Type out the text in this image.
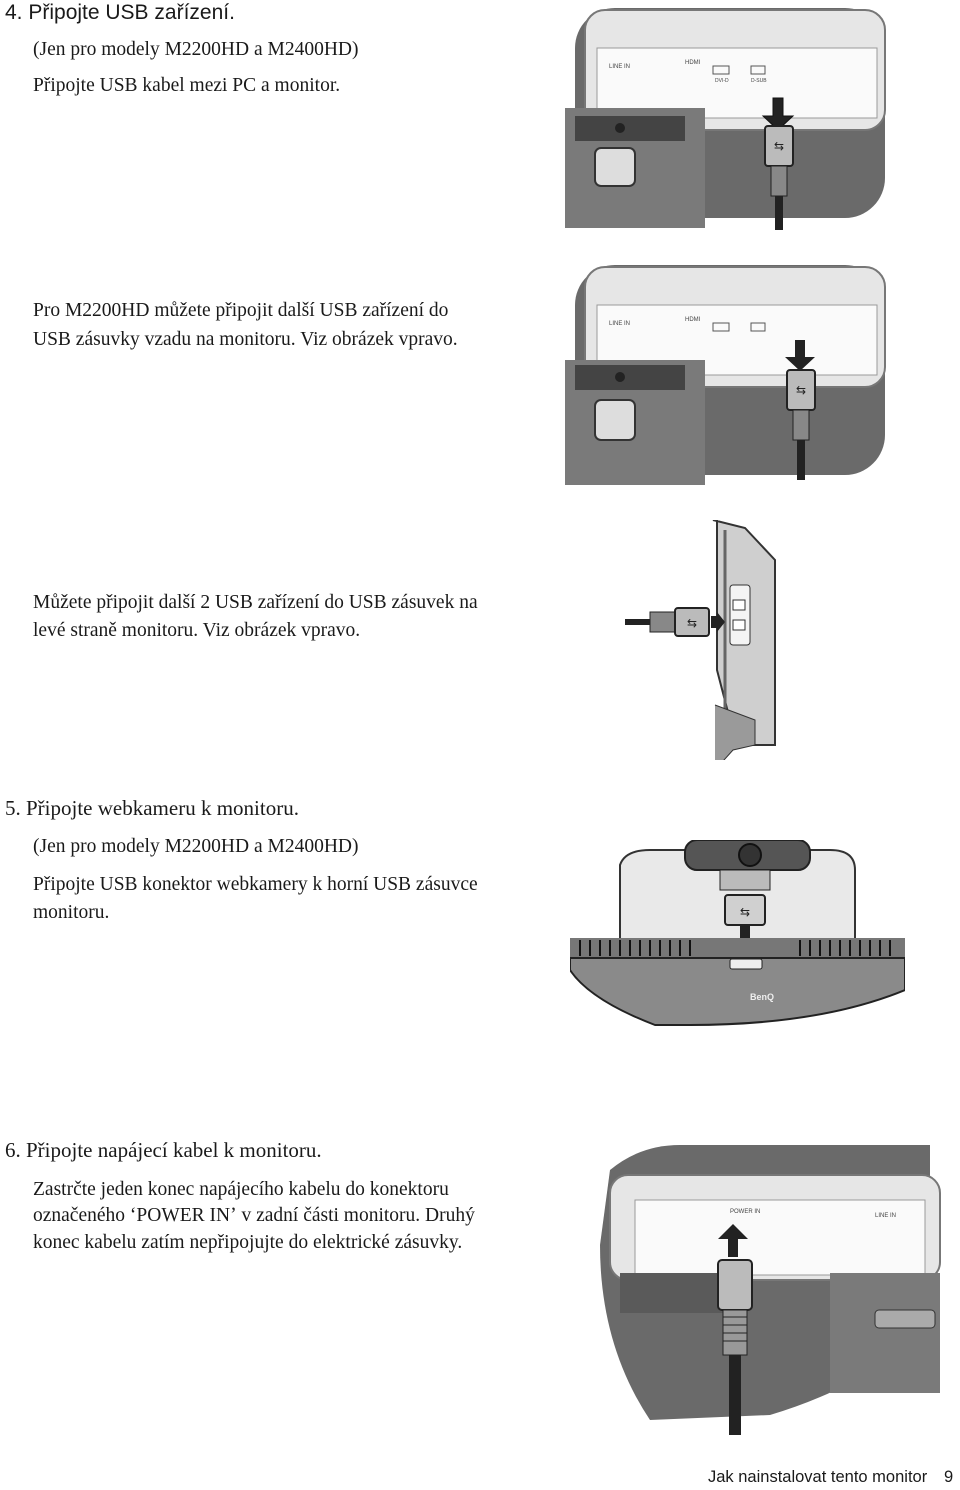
4. Připojte USB zařízení.
(Jen pro modely M2200HD a M2400HD)
Připojte USB kabel mezi PC a monitor.
LINE IN
HDMI
DVI-D	D-SUB
⇆
Pro M2200HD můžete připojit další USB zařízení do
USB zásuvky vzadu na monitoru. Viz obrázek vpravo.
LINE IN
HDMI
⇆
Můžete připojit další 2 USB zařízení do USB zásuvek na
levé straně monitoru. Viz obrázek vpravo.	⇆
5. Připojte webkameru k monitoru.
(Jen pro modely M2200HD a M2400HD)
Připojte USB konektor webkamery k horní USB zásuvce
monitoru.	⇆
BenQ
6. Připojte napájecí kabel k monitoru.
Zastrčte jeden konec napájecího kabelu do konektoru
označeného ʻPOWER INʼ v zadní části monitoru. Druhý
konec kabelu zatím nepřipojujte do elektrické zásuvky.
POWER IN
LINE IN
Jak nainstalovat tento monitor 9
